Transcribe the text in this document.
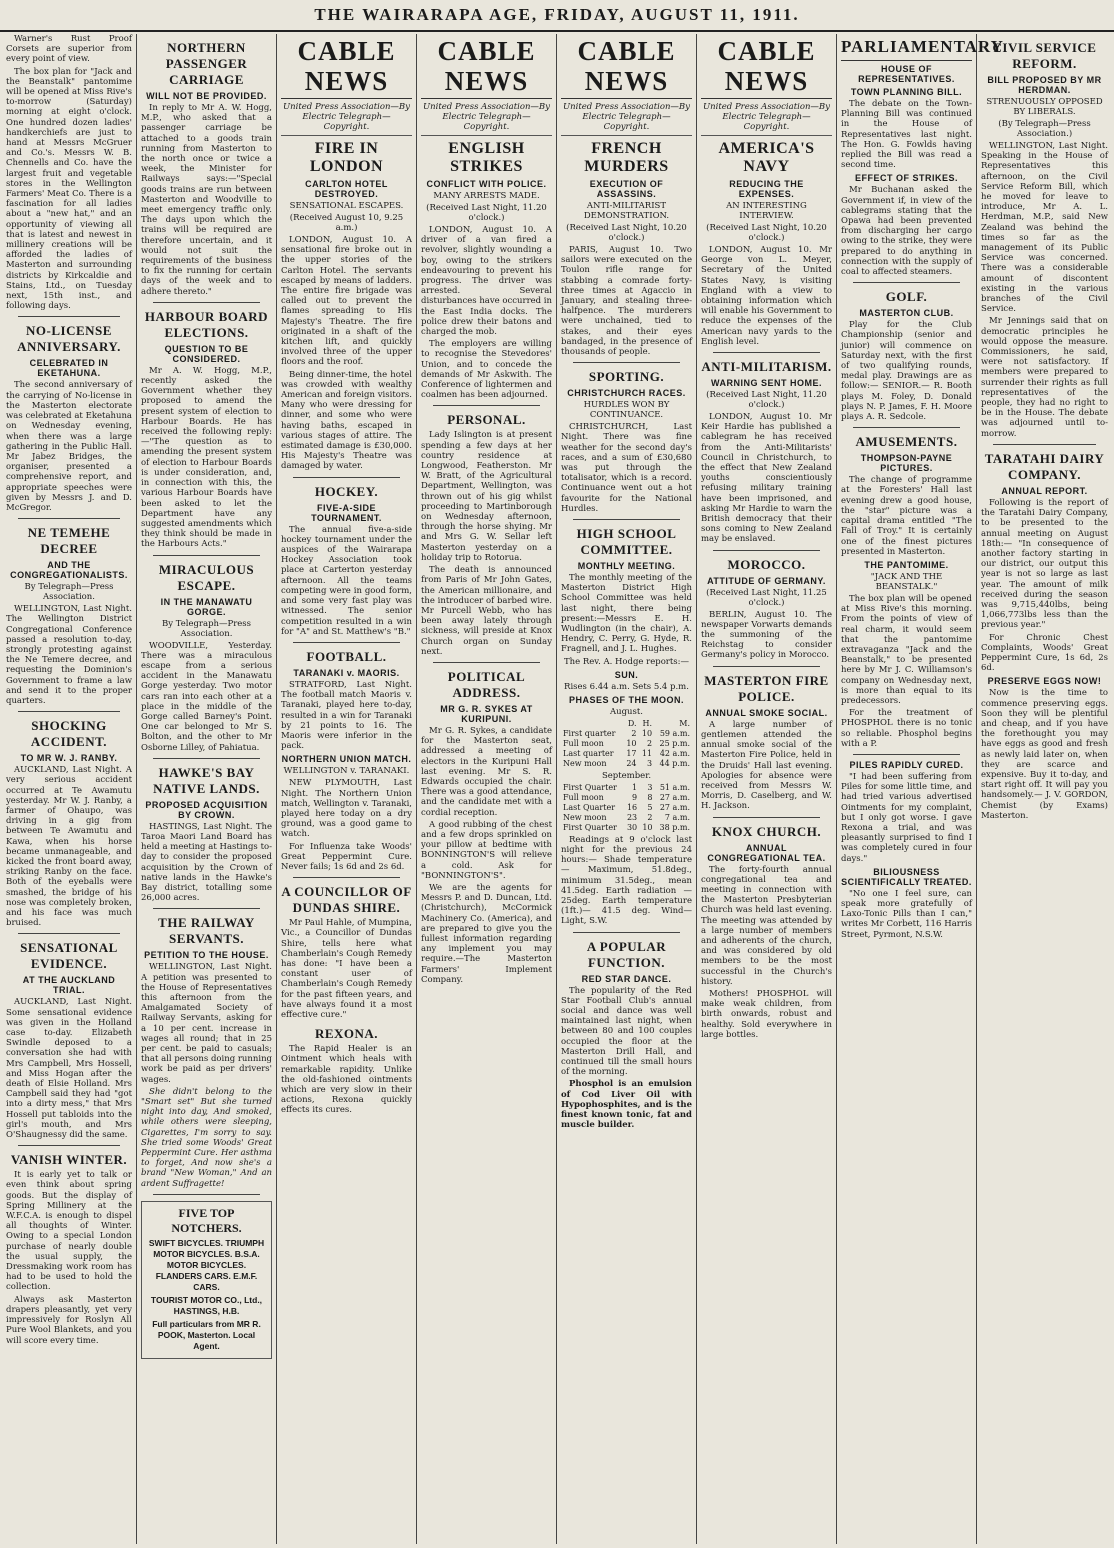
THE WAIRARAPA AGE, FRIDAY, AUGUST 11, 1911.

Warner's Rust Proof Corsets are superior from every point of view.

The box plan for "Jack and the Beanstalk" pantomime will be opened at Miss Rive's to-morrow (Saturday) morning at eight o'clock. One hundred dozen ladies' handkerchiefs are just to hand at Messrs McGruer and Co.'s. Messrs W. B. Chennells and Co. have the largest fruit and vegetable stores in the Wellington Farmers' Meat Co. There is a fascination for all ladies about a "new hat," and an opportunity of viewing all that is latest and newest in millinery creations will be afforded the ladies of Masterton and surrounding districts by Kirkcaldie and Stains, Ltd., on Tuesday next, 15th inst., and following days.

NO-LICENSE ANNIVERSARY.
CELEBRATED IN EKETAHUNA.

The second anniversary of the carrying of No-license in the Masterton electorate was celebrated at Eketahuna on Wednesday evening, when there was a large gathering in the Public Hall. Mr Jabez Bridges, the organiser, presented a comprehensive report, and appropriate speeches were given by Messrs J. and D. McGregor.

NE TEMEHE DECREE
AND THE CONGREGATIONALISTS.
By Telegraph—Press Association.

WELLINGTON, Last Night. The Wellington District Congregational Conference passed a resolution to-day, strongly protesting against the Ne Temere decree, and requesting the Dominion's Government to frame a law and send it to the proper quarters.

SHOCKING ACCIDENT.
TO MR W. J. RANBY.

AUCKLAND, Last Night. A very serious accident occurred at Te Awamutu yesterday. Mr W. J. Ranby, a farmer of Ohaupo, was driving in a gig from between Te Awamutu and Kawa, when his horse became unmanageable, and kicked the front board away, striking Ranby on the face. Both of the eyeballs were smashed, the bridge of his nose was completely broken, and his face was much bruised.

SENSATIONAL EVIDENCE.
AT THE AUCKLAND TRIAL.

AUCKLAND, Last Night. Some sensational evidence was given in the Holland case to-day. Elizabeth Swindle deposed to a conversation she had with Mrs Campbell, Mrs Hossell, and Miss Hogan after the death of Elsie Holland. Mrs Campbell said they had "got into a dirty mess," that Mrs Hossell put tabloids into the girl's mouth, and Mrs O'Shaugnessy did the same.

VANISH WINTER.

It is early yet to talk or even think about spring goods. But the display of Spring Millinery at the W.F.C.A. is enough to dispel all thoughts of Winter. Owing to a special London purchase of nearly double the usual supply, the Dressmaking work room has had to be used to hold the collection.

Always ask Masterton drapers pleasantly, yet very impressively for Roslyn All Pure Wool Blankets, and you will score every time.

NORTHERN PASSENGER CARRIAGE
WILL NOT BE PROVIDED.

In reply to Mr A. W. Hogg, M.P., who asked that a passenger carriage be attached to a goods train running from Masterton to the north once or twice a week, the Minister for Railways says:—"Special goods trains are run between Masterton and Woodville to meet emergency traffic only. The days upon which the trains will be required are therefore uncertain, and it would not suit the requirements of the business to fix the running for certain days of the week and to adhere thereto."

HARBOUR BOARD ELECTIONS.
QUESTION TO BE CONSIDERED.

Mr A. W. Hogg, M.P., recently asked the Government whether they proposed to amend the present system of election to Harbour Boards. He has received the following reply:—"The question as to amending the present system of election to Harbour Boards is under consideration, and, in connection with this, the various Harbour Boards have been asked to let the Department have any suggested amendments which they think should be made in the Harbours Acts."

MIRACULOUS ESCAPE.
IN THE MANAWATU GORGE.
By Telegraph—Press Association.

WOODVILLE, Yesterday. There was a miraculous escape from a serious accident in the Manawatu Gorge yesterday. Two motor cars ran into each other at a place in the middle of the Gorge called Barney's Point. One car belonged to Mr S. Bolton, and the other to Mr Osborne Lilley, of Pahiatua.

HAWKE'S BAY NATIVE LANDS.
PROPOSED ACQUISITION BY CROWN.

HASTINGS, Last Night. The Taroa Maori Land Board has held a meeting at Hastings to-day to consider the proposed acquisition by the Crown of native lands in the Hawke's Bay district, totalling some 26,000 acres.

THE RAILWAY SERVANTS.
PETITION TO THE HOUSE.

WELLINGTON, Last Night. A petition was presented to the House of Representatives this afternoon from the Amalgamated Society of Railway Servants, asking for a 10 per cent. increase in wages all round; that in 25 per cent. be paid to casuals; that all persons doing running work be paid as per drivers' wages.

She didn't belong to the "Smart set" But she turned night into day, And smoked, while others were sleeping, Cigarettes, I'm sorry to say. She tried some Woods' Great Peppermint Cure. Her asthma to forget, And now she's a brand "New Woman," And an ardent Suffragette!

FIVE TOP NOTCHERS.
SWIFT BICYCLES. TRIUMPH MOTOR BICYCLES. B.S.A. MOTOR BICYCLES. FLANDERS CARS. E.M.F. CARS.
TOURIST MOTOR CO., Ltd., HASTINGS, H.B.
Full particulars from MR R. POOK, Masterton. Local Agent.
CABLE NEWS
United Press Association—By Electric Telegraph—Copyright.
FIRE IN LONDON
CARLTON HOTEL DESTROYED.
SENSATIONAL ESCAPES.
(Received August 10, 9.25 a.m.)

LONDON, August 10. A sensational fire broke out in the upper stories of the Carlton Hotel. The servants escaped by means of ladders. The entire fire brigade was called out to prevent the flames spreading to His Majesty's Theatre. The fire originated in a shaft of the kitchen lift, and quickly involved three of the upper floors and the roof.

Being dinner-time, the hotel was crowded with wealthy American and foreign visitors. Many who were dressing for dinner, and some who were having baths, escaped in various stages of attire. The estimated damage is £30,000. His Majesty's Theatre was damaged by water.

HOCKEY.
FIVE-A-SIDE TOURNAMENT.

The annual five-a-side hockey tournament under the auspices of the Wairarapa Hockey Association took place at Carterton yesterday afternoon. All the teams competing were in good form, and some very fast play was witnessed. The senior competition resulted in a win for "A" and St. Matthew's "B."

FOOTBALL.
TARANAKI v. MAORIS.

STRATFORD, Last Night. The football match Maoris v. Taranaki, played here to-day, resulted in a win for Taranaki by 21 points to 16. The Maoris were inferior in the pack.

NORTHERN UNION MATCH.
WELLINGTON v. TARANAKI.

NEW PLYMOUTH, Last Night. The Northern Union match, Wellington v. Taranaki, played here today on a dry ground, was a good game to watch.

For Influenza take Woods' Great Peppermint Cure. Never fails; 1s 6d and 2s 6d.

A COUNCILLOR OF DUNDAS SHIRE.

Mr Paul Hahle, of Mumpina, Vic., a Councillor of Dundas Shire, tells here what Chamberlain's Cough Remedy has done: "I have been a constant user of Chamberlain's Cough Remedy for the past fifteen years, and have always found it a most effective cure."

REXONA.

The Rapid Healer is an Ointment which heals with remarkable rapidity. Unlike the old-fashioned ointments which are very slow in their actions, Rexona quickly effects its cures.

CABLE NEWS
United Press Association—By Electric Telegraph—Copyright.
ENGLISH STRIKES
CONFLICT WITH POLICE.
MANY ARRESTS MADE.
(Received Last Night, 11.20 o'clock.)

LONDON, August 10. A driver of a van fired a revolver, slightly wounding a boy, owing to the strikers endeavouring to prevent his progress. The driver was arrested. Several disturbances have occurred in the East India docks. The police drew their batons and charged the mob.

The employers are willing to recognise the Stevedores' Union, and to concede the demands of Mr Askwith. The Conference of lightermen and coalmen has been adjourned.

PERSONAL.

Lady Islington is at present spending a few days at her country residence at Longwood, Featherston. Mr W. Bratt, of the Agricultural Department, Wellington, was thrown out of his gig whilst proceeding to Martinborough on Wednesday afternoon, through the horse shying. Mr and Mrs G. W. Sellar left Masterton yesterday on a holiday trip to Rotorua.

The death is announced from Paris of Mr John Gates, the American millionaire, and the introducer of barbed wire. Mr Purcell Webb, who has been away lately through sickness, will preside at Knox Church organ on Sunday next.

POLITICAL ADDRESS.
MR G. R. SYKES AT KURIPUNI.

Mr G. R. Sykes, a candidate for the Masterton seat, addressed a meeting of electors in the Kuripuni Hall last evening. Mr S. R. Edwards occupied the chair. There was a good attendance, and the candidate met with a cordial reception.

A good rubbing of the chest and a few drops sprinkled on your pillow at bedtime with BONNINGTON'S will relieve a cold. Ask for "BONNINGTON'S".

We are the agents for Messrs P. and D. Duncan, Ltd. (Christchurch), McCormick Machinery Co. (America), and are prepared to give you the fullest information regarding any implement you may require.—The Masterton Farmers' Implement Company.

CABLE NEWS
United Press Association—By Electric Telegraph—Copyright.
FRENCH MURDERS
EXECUTION OF ASSASSINS.
ANTI-MILITARIST DEMONSTRATION.
(Received Last Night, 10.20 o'clock.)

PARIS, August 10. Two sailors were executed on the Toulon rifle range for stabbing a comrade forty-three times at Agaccio in January, and stealing three-halfpence. The murderers were unchained, tied to stakes, and their eyes bandaged, in the presence of thousands of people.

SPORTING.
CHRISTCHURCH RACES.
HURDLES WON BY CONTINUANCE.

CHRISTCHURCH, Last Night. There was fine weather for the second day's races, and a sum of £30,680 was put through the totalisator, which is a record. Continuance went out a hot favourite for the National Hurdles.

HIGH SCHOOL COMMITTEE.
MONTHLY MEETING.

The monthly meeting of the Masterton District High School Committee was held last night, there being present:—Messrs E. H. Wudlington (in the chair), A. Hendry, C. Perry, G. Hyde, R. Fragnell, and J. L. Hughes.

The Rev. A. Hodge reports:—
SUN.
Rises 6.44 a.m. Sets 5.4 p.m.
PHASES OF THE MOON.
August.
	D.	H.	M.
First quarter	2	10	59 a.m.
Full moon	10	2	25 p.m.
Last quarter	17	11	42 a.m.
New moon	24	3	44 p.m.
September.
First Quarter	1	3	51 a.m.
Full moon	9	8	27 a.m.
Last Quarter	16	5	27 a.m.
New moon	23	2	7 a.m.
First Quarter	30	10	38 p.m.

Readings at 9 o'clock last night for the previous 24 hours:— Shade temperature — Maximum, 51.8deg., minimum 31.5deg., mean 41.5deg. Earth radiation — 25deg. Earth temperature (1ft.)— 41.5 deg. Wind— Light, S.W.

A POPULAR FUNCTION.
RED STAR DANCE.

The popularity of the Red Star Football Club's annual social and dance was well maintained last night, when between 80 and 100 couples occupied the floor at the Masterton Drill Hall, and continued till the small hours of the morning.

Phosphol is an emulsion of Cod Liver Oil with Hypophosphites, and is the finest known tonic, fat and muscle builder.

CABLE NEWS
United Press Association—By Electric Telegraph—Copyright.
AMERICA'S NAVY
REDUCING THE EXPENSES.
AN INTERESTING INTERVIEW.
(Received Last Night, 10.20 o'clock.)

LONDON, August 10. Mr George von L. Meyer, Secretary of the United States Navy, is visiting England with a view to obtaining information which will enable his Government to reduce the expenses of the American navy yards to the English level.

ANTI-MILITARISM.
WARNING SENT HOME.
(Received Last Night, 11.20 o'clock.)

LONDON, August 10. Mr Keir Hardie has published a cablegram he has received from the Anti-Militarists' Council in Christchurch, to the effect that New Zealand youths conscientiously refusing military training have been imprisoned, and asking Mr Hardie to warn the British democracy that their sons coming to New Zealand may be enslaved.

MOROCCO.
ATTITUDE OF GERMANY.
(Received Last Night, 11.25 o'clock.)

BERLIN, August 10. The newspaper Vorwarts demands the summoning of the Reichstag to consider Germany's policy in Morocco.

MASTERTON FIRE POLICE.
ANNUAL SMOKE SOCIAL.

A large number of gentlemen attended the annual smoke social of the Masterton Fire Police, held in the Druids' Hall last evening. Apologies for absence were received from Messrs W. Morris, D. Caselberg, and W. H. Jackson.

KNOX CHURCH.
ANNUAL CONGREGATIONAL TEA.

The forty-fourth annual congregational tea and meeting in connection with the Masterton Presbyterian Church was held last evening. The meeting was attended by a large number of members and adherents of the church, and was considered by old members to be the most successful in the Church's history.

Mothers! PHOSPHOL will make weak children, from birth onwards, robust and healthy. Sold everywhere in large bottles.

PARLIAMENTARY
HOUSE OF REPRESENTATIVES.
TOWN PLANNING BILL.

The debate on the Town-Planning Bill was continued in the House of Representatives last night. The Hon. G. Fowlds having replied the Bill was read a second time.

EFFECT OF STRIKES.

Mr Buchanan asked the Government if, in view of the cablegrams stating that the Opawa had been prevented from discharging her cargo owing to the strike, they were prepared to do anything in connection with the supply of coal to affected steamers.

GOLF.
MASTERTON CLUB.

Play for the Club Championship (senior and junior) will commence on Saturday next, with the first of two qualifying rounds, medal play. Drawings are as follow:— SENIOR.— R. Booth plays M. Foley, D. Donald plays N. P. James, F. H. Moore plays A. R. Sedcole.

AMUSEMENTS.
THOMPSON-PAYNE PICTURES.

The change of programme at the Foresters' Hall last evening drew a good house, the "star" picture was a capital drama entitled "The Fall of Troy." It is certainly one of the finest pictures presented in Masterton.

THE PANTOMIME.
"JACK AND THE BEANSTALK."

The box plan will be opened at Miss Rive's this morning. From the points of view of real charm, it would seem that the pantomime extravaganza "Jack and the Beanstalk," to be presented here by Mr J. C. Williamson's company on Wednesday next, is more than equal to its predecessors.

For the treatment of PHOSPHOL there is no tonic so reliable. Phosphol begins with a P.

PILES RAPIDLY CURED.

"I had been suffering from Piles for some little time, and had tried various advertised Ointments for my complaint, but I only got worse. I gave Rexona a trial, and was pleasantly surprised to find I was completely cured in four days."

BILIOUSNESS SCIENTIFICALLY TREATED.

"No one I feel sure, can speak more gratefully of Laxo-Tonic Pills than I can," writes Mr Corbett, 116 Harris Street, Pyrmont, N.S.W.

CIVIL SERVICE REFORM.
BILL PROPOSED BY MR HERDMAN.
STRENUOUSLY OPPOSED BY LIBERALS.
(By Telegraph—Press Association.)

WELLINGTON, Last Night. Speaking in the House of Representatives this afternoon, on the Civil Service Reform Bill, which he moved for leave to introduce, Mr A. L. Herdman, M.P., said New Zealand was behind the times so far as the management of its Public Service was concerned. There was a considerable amount of discontent existing in the various branches of the Civil Service.

Mr Jennings said that on democratic principles he would oppose the measure. Commissioners, he said, were not satisfactory. If members were prepared to surrender their rights as full representatives of the people, they had no right to be in the House. The debate was adjourned until to-morrow.

TARATAHI DAIRY COMPANY.
ANNUAL REPORT.

Following is the report of the Taratahi Dairy Company, to be presented to the annual meeting on August 18th:— "In consequence of another factory starting in our district, our output this year is not so large as last year. The amount of milk received during the season was 9,715,440lbs, being 1,066,773lbs less than the previous year."

For Chronic Chest Complaints, Woods' Great Peppermint Cure, 1s 6d, 2s 6d.

PRESERVE EGGS NOW!

Now is the time to commence preserving eggs. Soon they will be plentiful and cheap, and if you have the forethought you may have eggs as good and fresh as newly laid later on, when they are scarce and expensive. Buy it to-day, and start right off. It will pay you handsomely.— J. V. GORDON, Chemist (by Exams) Masterton.
